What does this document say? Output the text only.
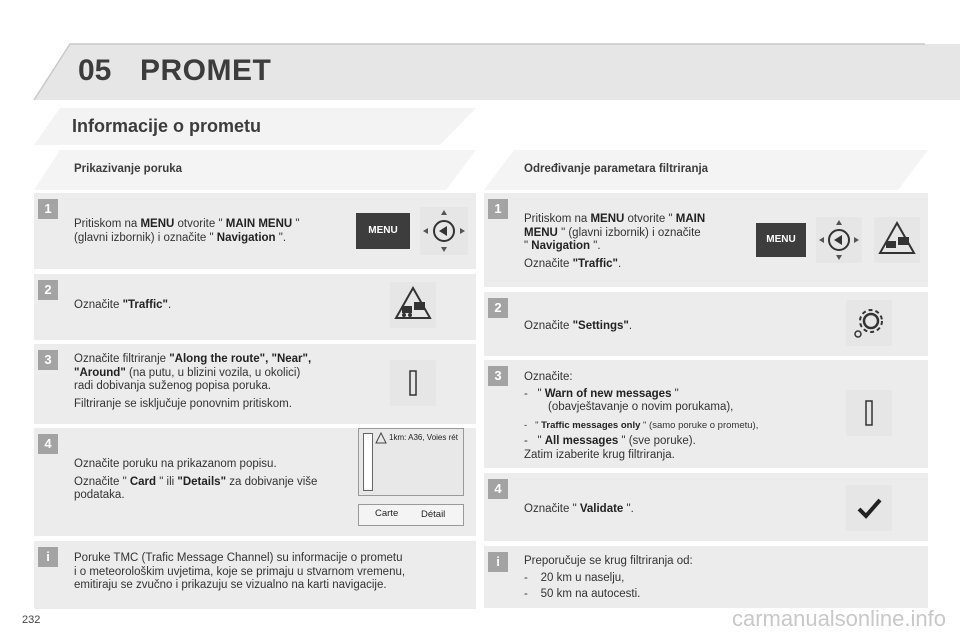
05 PROMET
Informacije o prometu
Prikazivanje poruka	Određivanje parametara filtriranja
1
Pritiskom na MENU otvorite " MAIN MENU "
(glavni izbornik) i označite " Navigation ".
MENU
2
Označite "Traffic".
3	Označite filtriranje "Along the route", "Near",
"Around" (na putu, u blizini vozila, u okolici)
radi dobivanja suženog popisa poruka.
Filtriranje se isključuje ponovnim pritiskom.
4
Označite poruku na prikazanom popisu.
Označite " Card " ili "Details" za dobivanje više
podataka.
1km: A36, Voies rét
Carte Détail
i	Poruke TMC (Trafic Message Channel) su informacije o prometu
i o meteorološkim uvjetima, koje se primaju u stvarnom vremenu,
emitiraju se zvučno i prikazuju se vizualno na karti navigacije.
1
Pritiskom na MENU otvorite " MAIN
MENU " (glavni izbornik) i označite
" Navigation ".
Označite "Traffic".
MENU
2
Označite "Settings".
3	Označite:
- " Warn of new messages "
(obavještavanje o novim porukama),
- " Traffic messages only " (samo poruke o prometu),
- " All messages " (sve poruke).
Zatim izaberite krug filtriranja.
4
Označite " Validate ".
i	Preporučuje se krug filtriranja od:
- 20 km u naselju,
- 50 km na autocesti.
232	carmanualsonline.info
